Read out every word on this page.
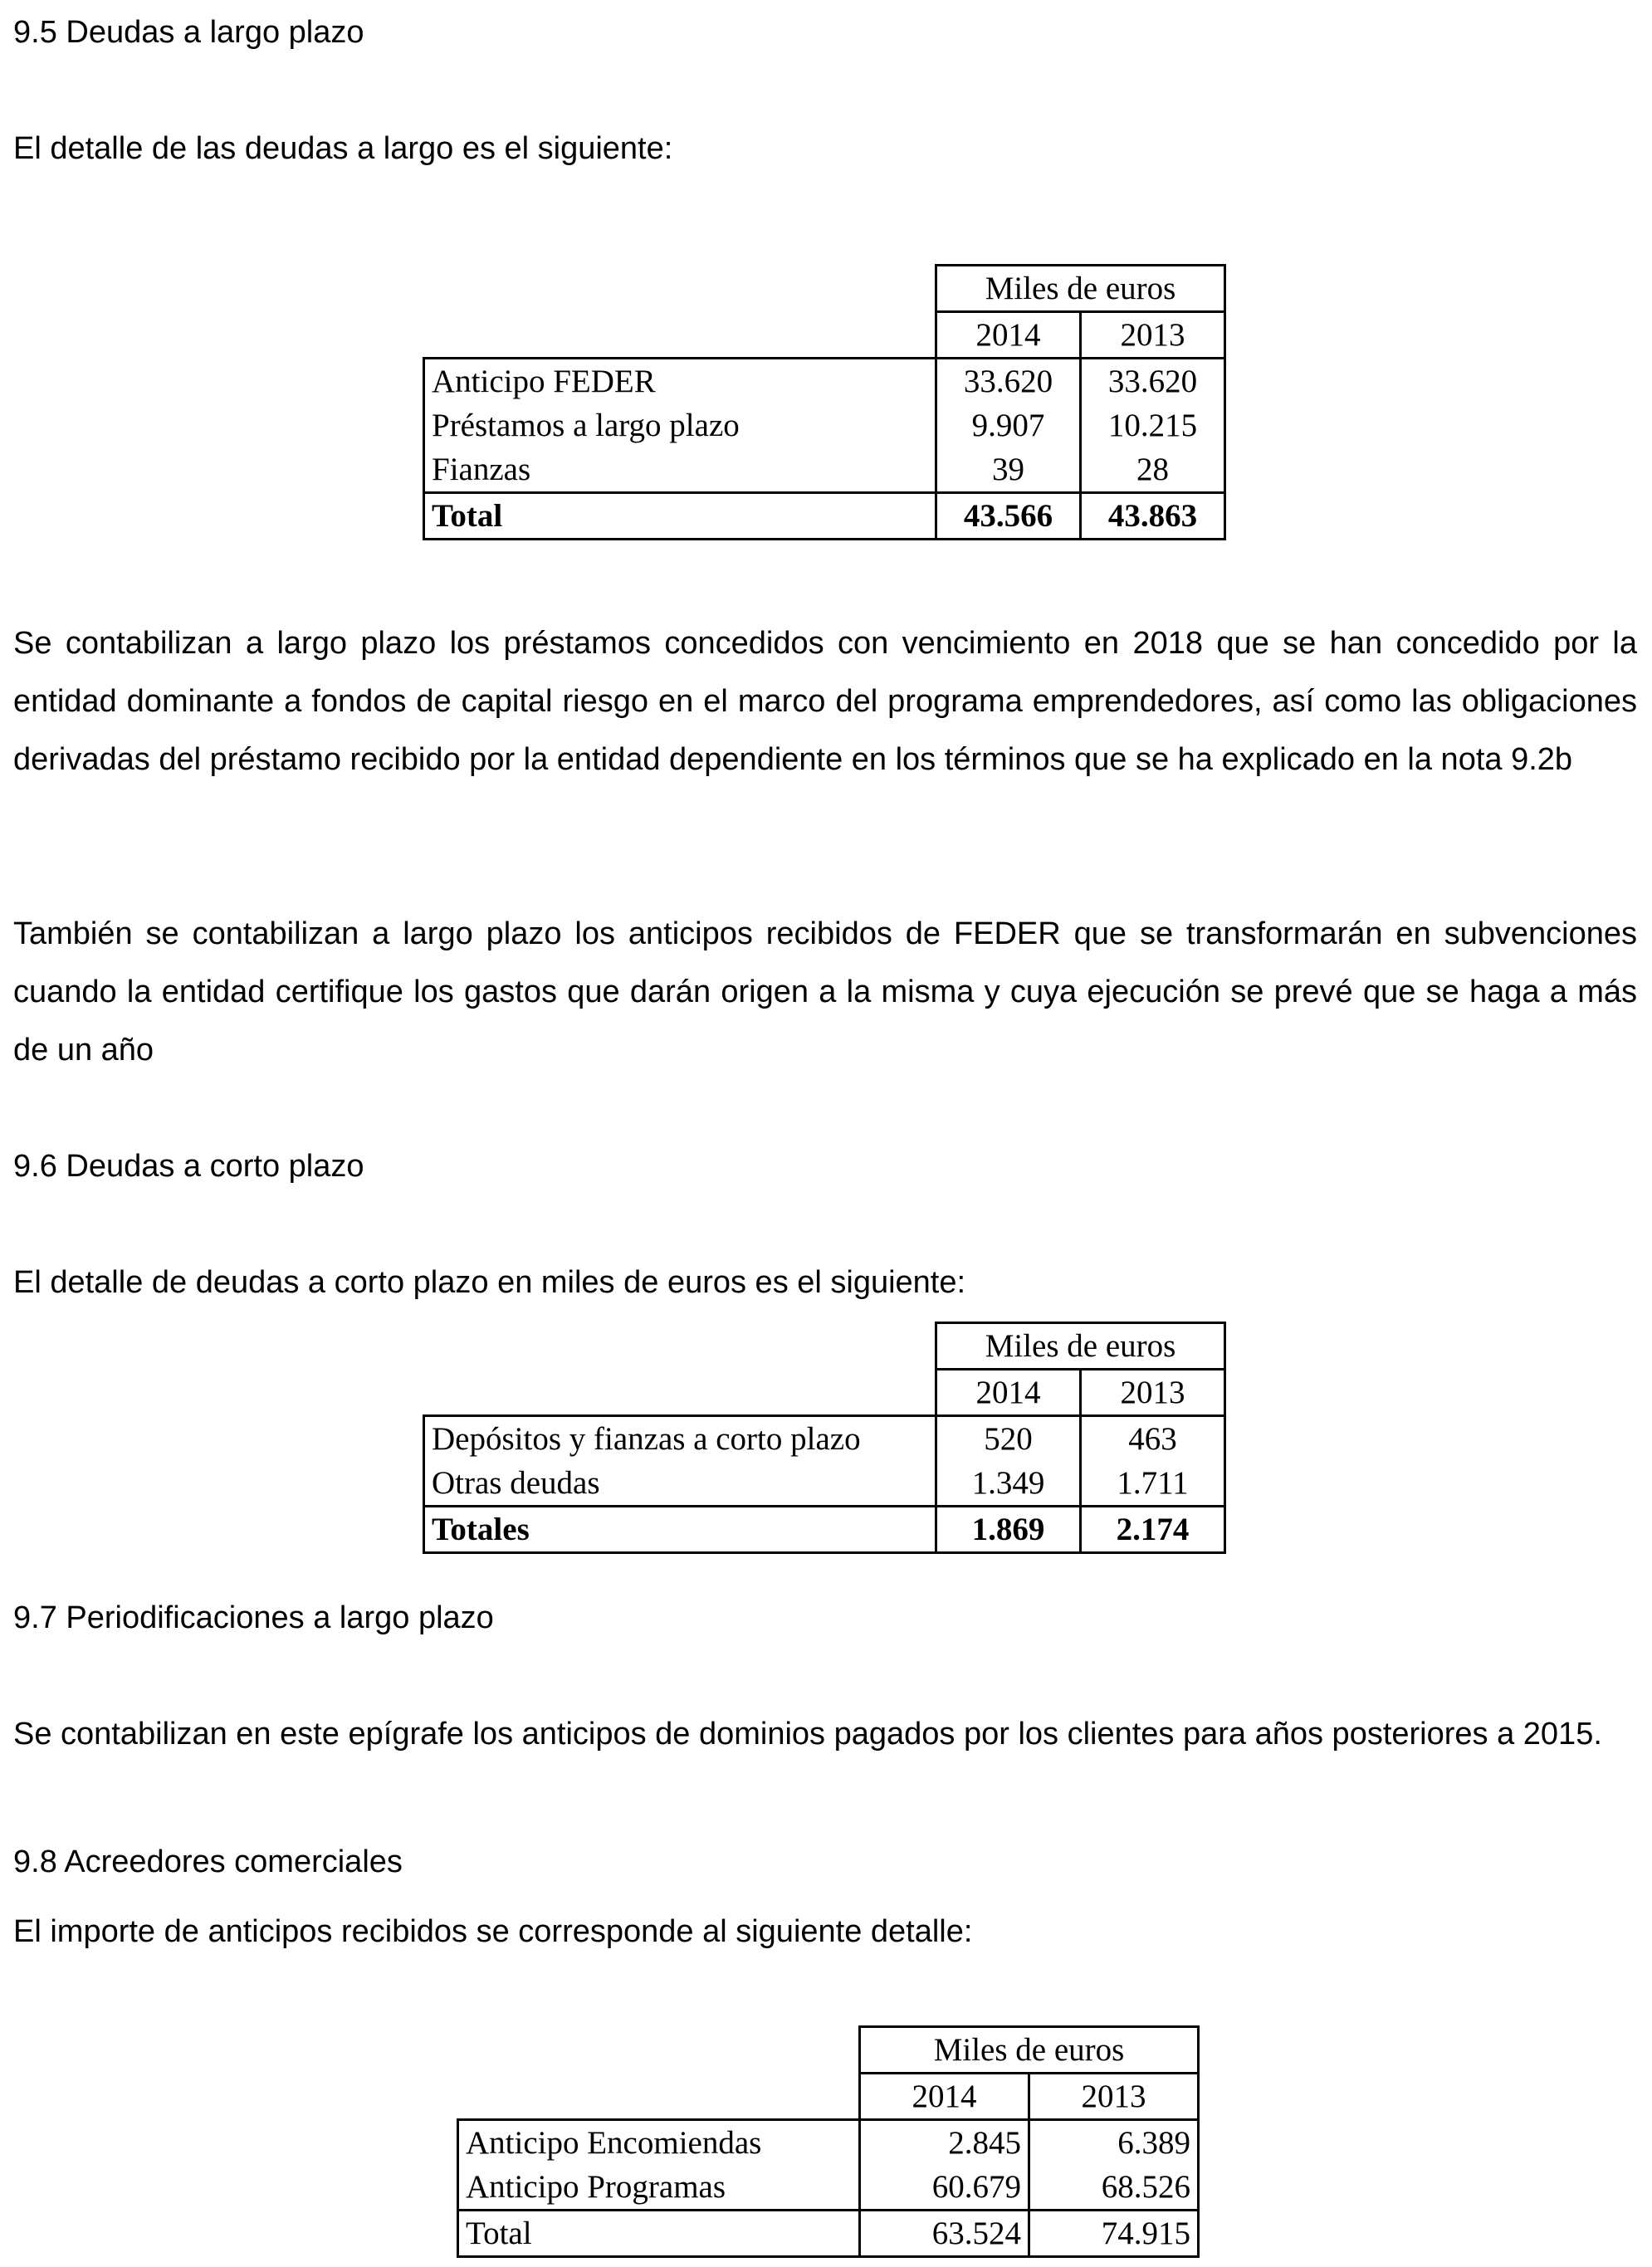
9.5 Deudas a largo plazo

El detalle de las deudas a largo es el siguiente:

	Miles de euros	
	2014	2013
Anticipo FEDER	33.620	33.620
Préstamos a largo plazo	9.907	10.215
Fianzas	39	28
Total	43.566	43.863

Se contabilizan a largo plazo los préstamos concedidos con vencimiento en 2018 que se han concedido por la entidad dominante a fondos de capital riesgo en el marco del programa emprendedores, así como las obligaciones derivadas del préstamo recibido por la entidad dependiente en los términos que se ha explicado en la nota 9.2b

También se contabilizan a largo plazo los anticipos recibidos de FEDER que se transformarán en subvenciones cuando la entidad certifique los gastos que darán origen a la misma y cuya ejecución se prevé que se haga a más de un año

9.6 Deudas a corto plazo

El detalle de deudas a corto plazo en miles de euros es el siguiente:

	Miles de euros	
	2014	2013
Depósitos y fianzas a corto plazo	520	463
Otras deudas	1.349	1.711
Totales	1.869	2.174

9.7 Periodificaciones a largo plazo

Se contabilizan en este epígrafe los anticipos de dominios pagados por los clientes para años posteriores a 2015.

9.8 Acreedores comerciales

El importe de anticipos recibidos se corresponde al siguiente detalle:

	Miles de euros	
	2014	2013
Anticipo Encomiendas	2.845	6.389
Anticipo Programas	60.679	68.526
Total	63.524	74.915
